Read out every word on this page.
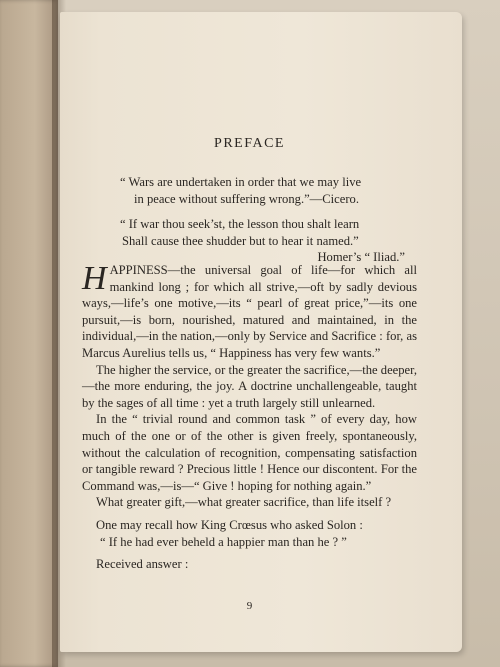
PREFACE
“ Wars are undertaken in order that we may live
in peace without suffering wrong.”—Cicero.
“ If war thou seek’st, the lesson thou shalt learn
Shall cause thee shudder but to hear it named.”
Homer’s “ Iliad.”

HAPPINESS—the universal goal of life—for which all mankind long ; for which all strive,—oft by sadly devious ways,—life’s one motive,—its “ pearl of great price,”—its one pursuit,—is born, nourished, matured and maintained, in the individual,—in the nation,—only by Service and Sacrifice : for, as Marcus Aurelius tells us, “ Happiness has very few wants.”

The higher the service, or the greater the sacrifice,—the deeper,—the more enduring, the joy. A doctrine unchallengeable, taught by the sages of all time : yet a truth largely still unlearned.

In the “ trivial round and common task ” of every day, how much of the one or of the other is given freely, spontaneously, without the calculation of recognition, compensating satisfaction or tangible reward ? Precious little ! Hence our discontent. For the Command was,—is—“ Give ! hoping for nothing again.”

What greater gift,—what greater sacrifice, than life itself ?

One may recall how King Crœsus who asked Solon :

“ If he had ever beheld a happier man than he ? ”

Received answer :

9
